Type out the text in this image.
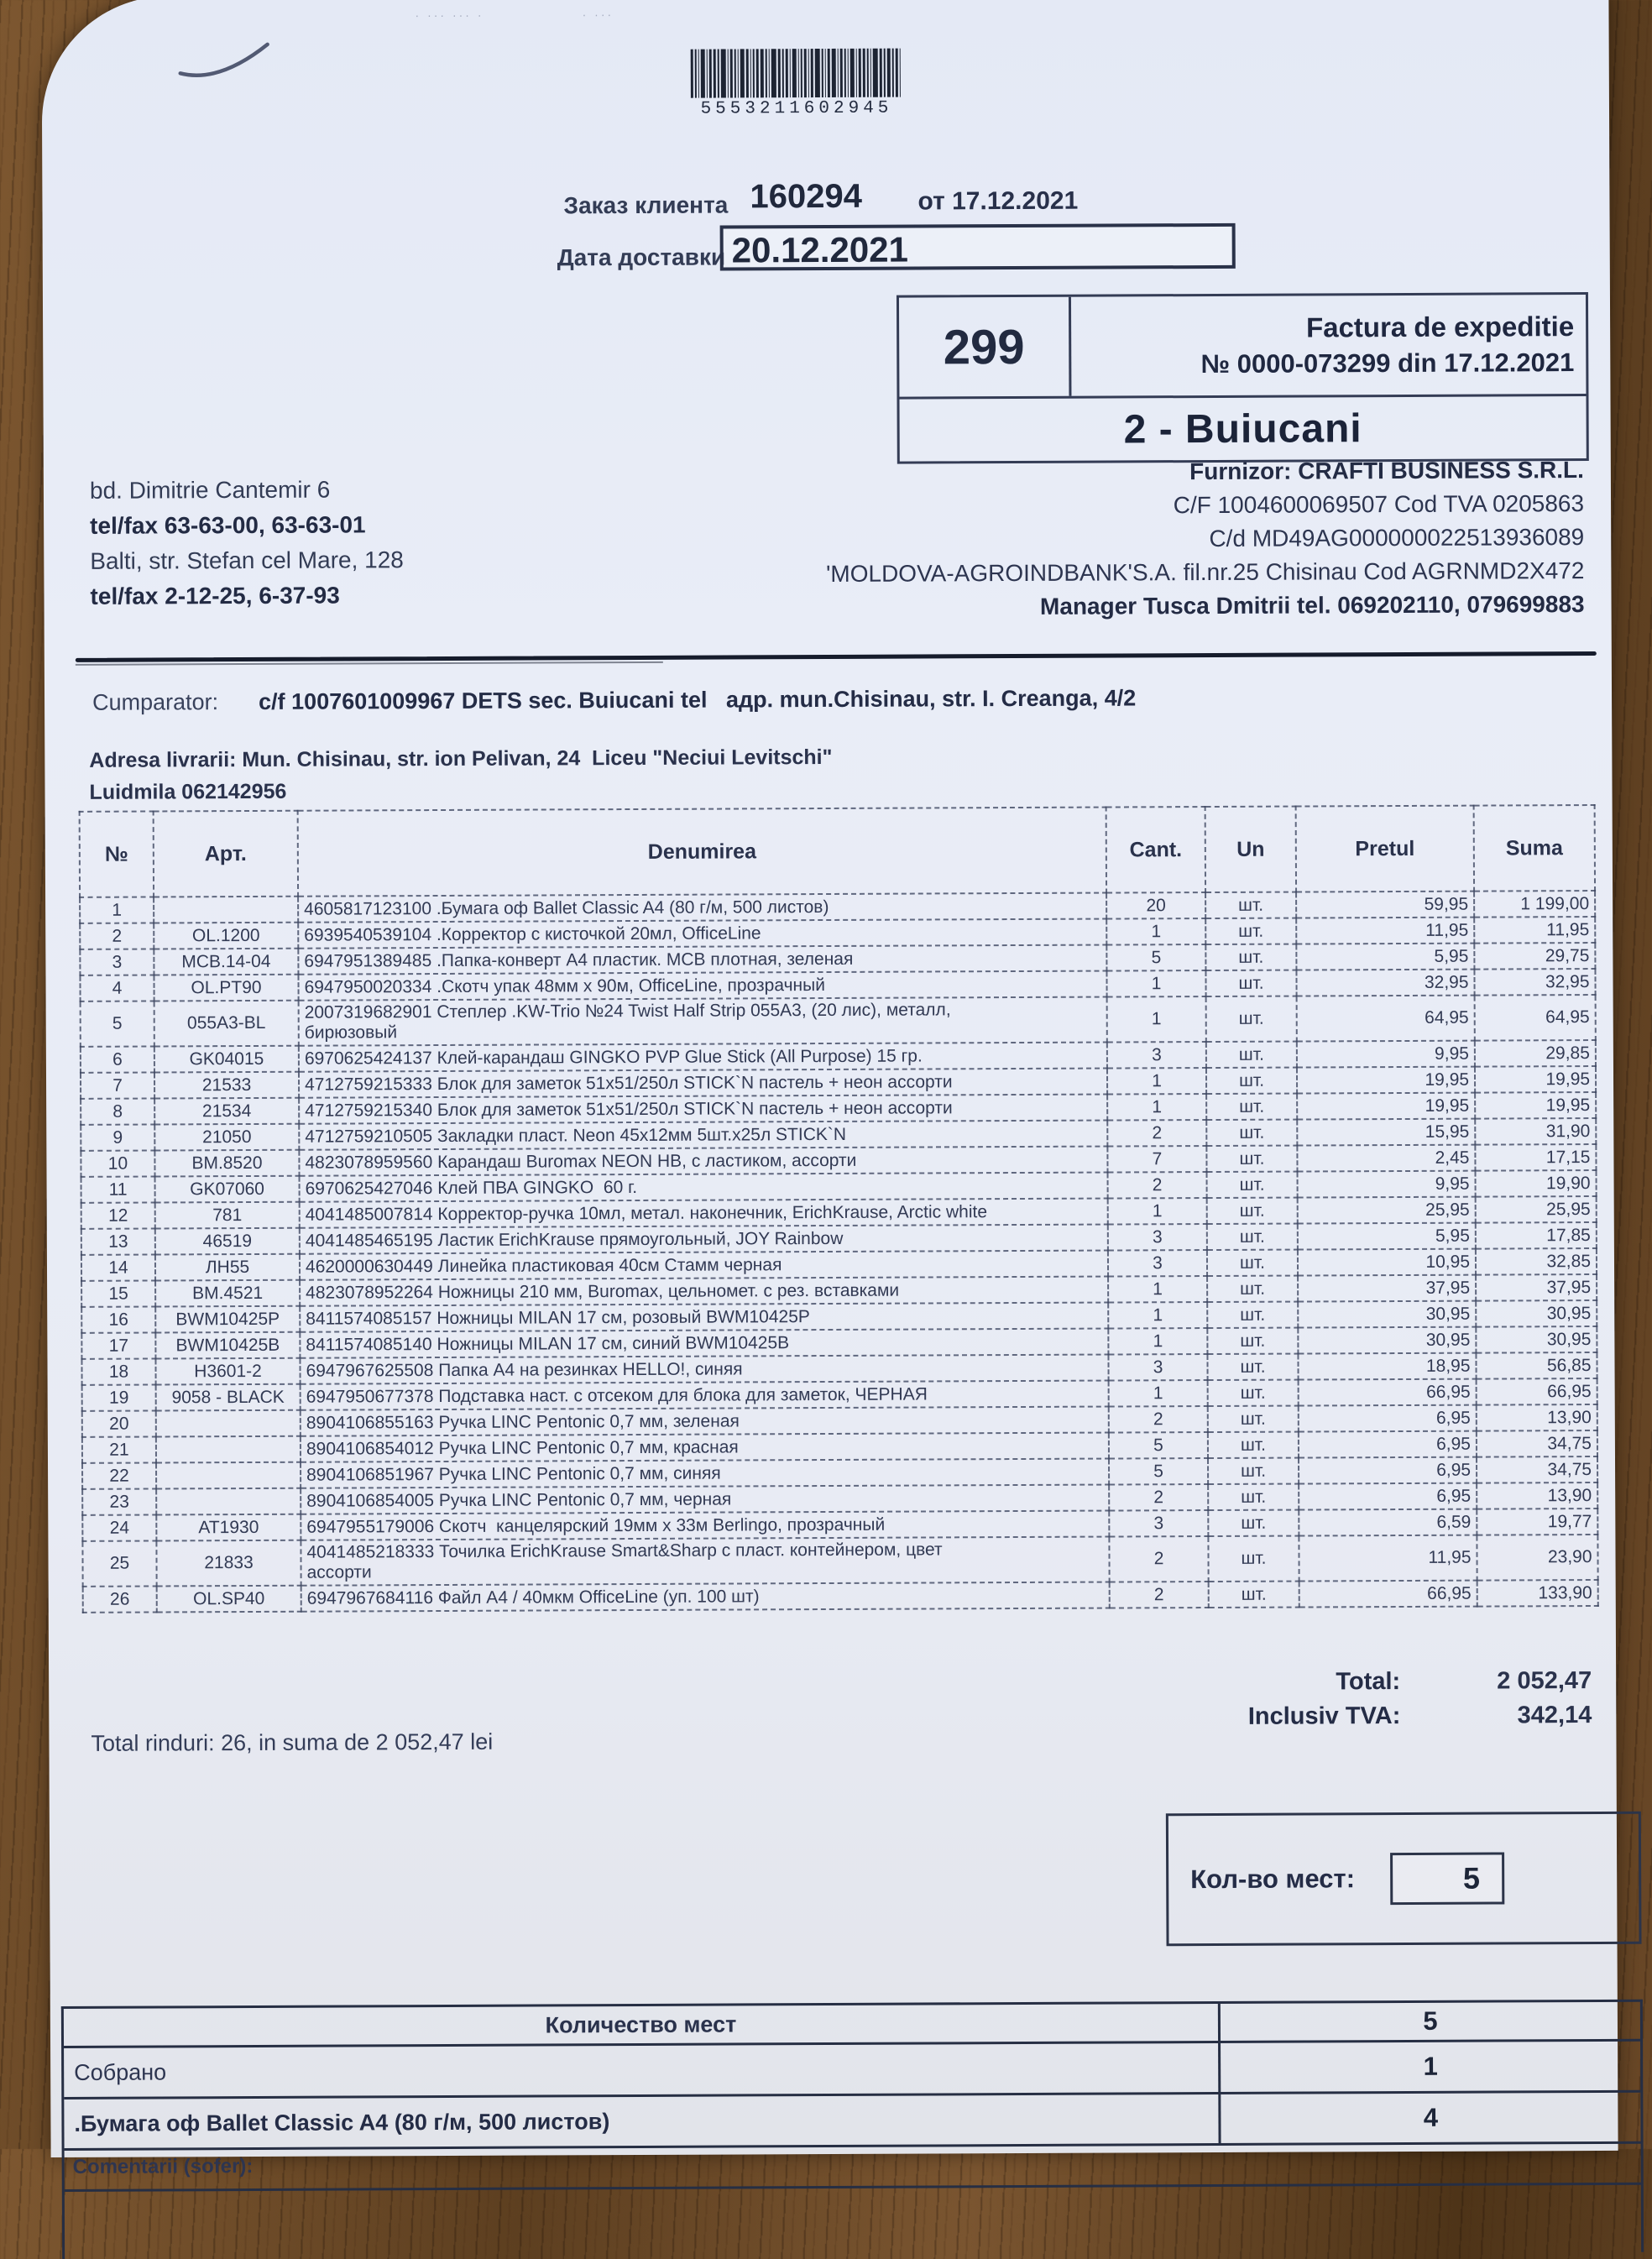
· ··· ··· ·                 · ···
5553211602945
Заказ клиента 160294 от 17.12.2021
Дата доставки 20.12.2021
299	Factura de expeditie
№ 0000-073299 din 17.12.2021
2 - Buiucani
bd. Dimitrie Cantemir 6
tel/fax 63-63-00, 63-63-01
Balti, str. Stefan cel Mare, 128
tel/fax 2-12-25, 6-37-93
Furnizor: CRAFTI BUSINESS S.R.L.
C/F 1004600069507 Cod TVA 0205863
C/d MD49AG000000022513936089
'MOLDOVA-AGROINDBANK'S.A. fil.nr.25 Chisinau Cod AGRNMD2X472
Manager Tusca Dmitrii tel. 069202110, 079699883
Cumparator: c/f 1007601009967 DETS sec. Buiucani tel   адр. mun.Chisinau, str. I. Creanga, 4/2
Adresa livrarii: Mun. Chisinau, str. ion Pelivan, 24  Liceu "Neciui Levitschi"
Luidmila 062142956
№	Арт.	Denumirea	Cant.	Un	Pretul	Suma
1		4605817123100 .Бумага оф Ballet Classic A4 (80 г/м, 500 листов)	20	шт.	59,95	1 199,00
2	OL.1200	6939540539104 .Корректор с кисточкой 20мл, OfficeLine	1	шт.	11,95	11,95
3	MCB.14-04	6947951389485 .Папка-конверт А4 пластик. MCB плотная, зеленая	5	шт.	5,95	29,75
4	OL.PT90	6947950020334 .Скотч упак 48мм x 90м, OfficeLine, прозрачный	1	шт.	32,95	32,95
5	055A3-BL	2007319682901 Степлер .KW-Trio №24 Twist Half Strip 055A3, (20 лис), металл,
бирюзовый	1	шт.	64,95	64,95
6	GK04015	6970625424137 Клей-карандаш GINGKO PVP Glue Stick (All Purpose) 15 гр.	3	шт.	9,95	29,85
7	21533	4712759215333 Блок для заметок 51x51/250л STICK`N пастель + неон ассорти	1	шт.	19,95	19,95
8	21534	4712759215340 Блок для заметок 51x51/250л STICK`N пастель + неон ассорти	1	шт.	19,95	19,95
9	21050	4712759210505 Закладки пласт. Neon 45x12мм 5шт.x25л STICK`N	2	шт.	15,95	31,90
10	BM.8520	4823078959560 Карандаш Buromax NEON HB, с ластиком, ассорти	7	шт.	2,45	17,15
11	GK07060	6970625427046 Клей ПВА GINGKO  60 г.	2	шт.	9,95	19,90
12	781	4041485007814 Корректор-ручка 10мл, метал. наконечник, ErichKrause, Arctic white	1	шт.	25,95	25,95
13	46519	4041485465195 Ластик ErichKrause прямоугольный, JOY Rainbow	3	шт.	5,95	17,85
14	ЛН55	4620000630449 Линейка пластиковая 40см Стамм черная	3	шт.	10,95	32,85
15	BM.4521	4823078952264 Ножницы 210 мм, Buromax, цельномет. с рез. вставками	1	шт.	37,95	37,95
16	BWM10425P	8411574085157 Ножницы MILAN 17 см, розовый BWM10425P	1	шт.	30,95	30,95
17	BWM10425B	8411574085140 Ножницы MILAN 17 см, синий BWM10425B	1	шт.	30,95	30,95
18	H3601-2	6947967625508 Папка А4 на резинках HELLO!, синяя	3	шт.	18,95	56,85
19	9058 - BLACK	6947950677378 Подставка наст. с отсеком для блока для заметок, ЧЕРНАЯ	1	шт.	66,95	66,95
20		8904106855163 Ручка LINC Pentonic 0,7 мм, зеленая	2	шт.	6,95	13,90
21		8904106854012 Ручка LINC Pentonic 0,7 мм, красная	5	шт.	6,95	34,75
22		8904106851967 Ручка LINC Pentonic 0,7 мм, синяя	5	шт.	6,95	34,75
23		8904106854005 Ручка LINC Pentonic 0,7 мм, черная	2	шт.	6,95	13,90
24	AT1930	6947955179006 Скотч  канцелярский 19мм x 33м Berlingo, прозрачный	3	шт.	6,59	19,77
25	21833	4041485218333 Точилка ErichKrause Smart&Sharp с пласт. контейнером, цвет
ассорти	2	шт.	11,95	23,90
26	OL.SP40	6947967684116 Файл А4 / 40мкм OfficeLine (уп. 100 шт)	2	шт.	66,95	133,90
Total:	2 052,47
Inclusiv TVA:	342,14
Total rinduri: 26, in suma de 2 052,47 lei
Кол-во мест:	5
Количество мест	5
Собрано	1
.Бумага оф Ballet Classic A4 (80 г/м, 500 листов)	4
Comentarii (sofer):
